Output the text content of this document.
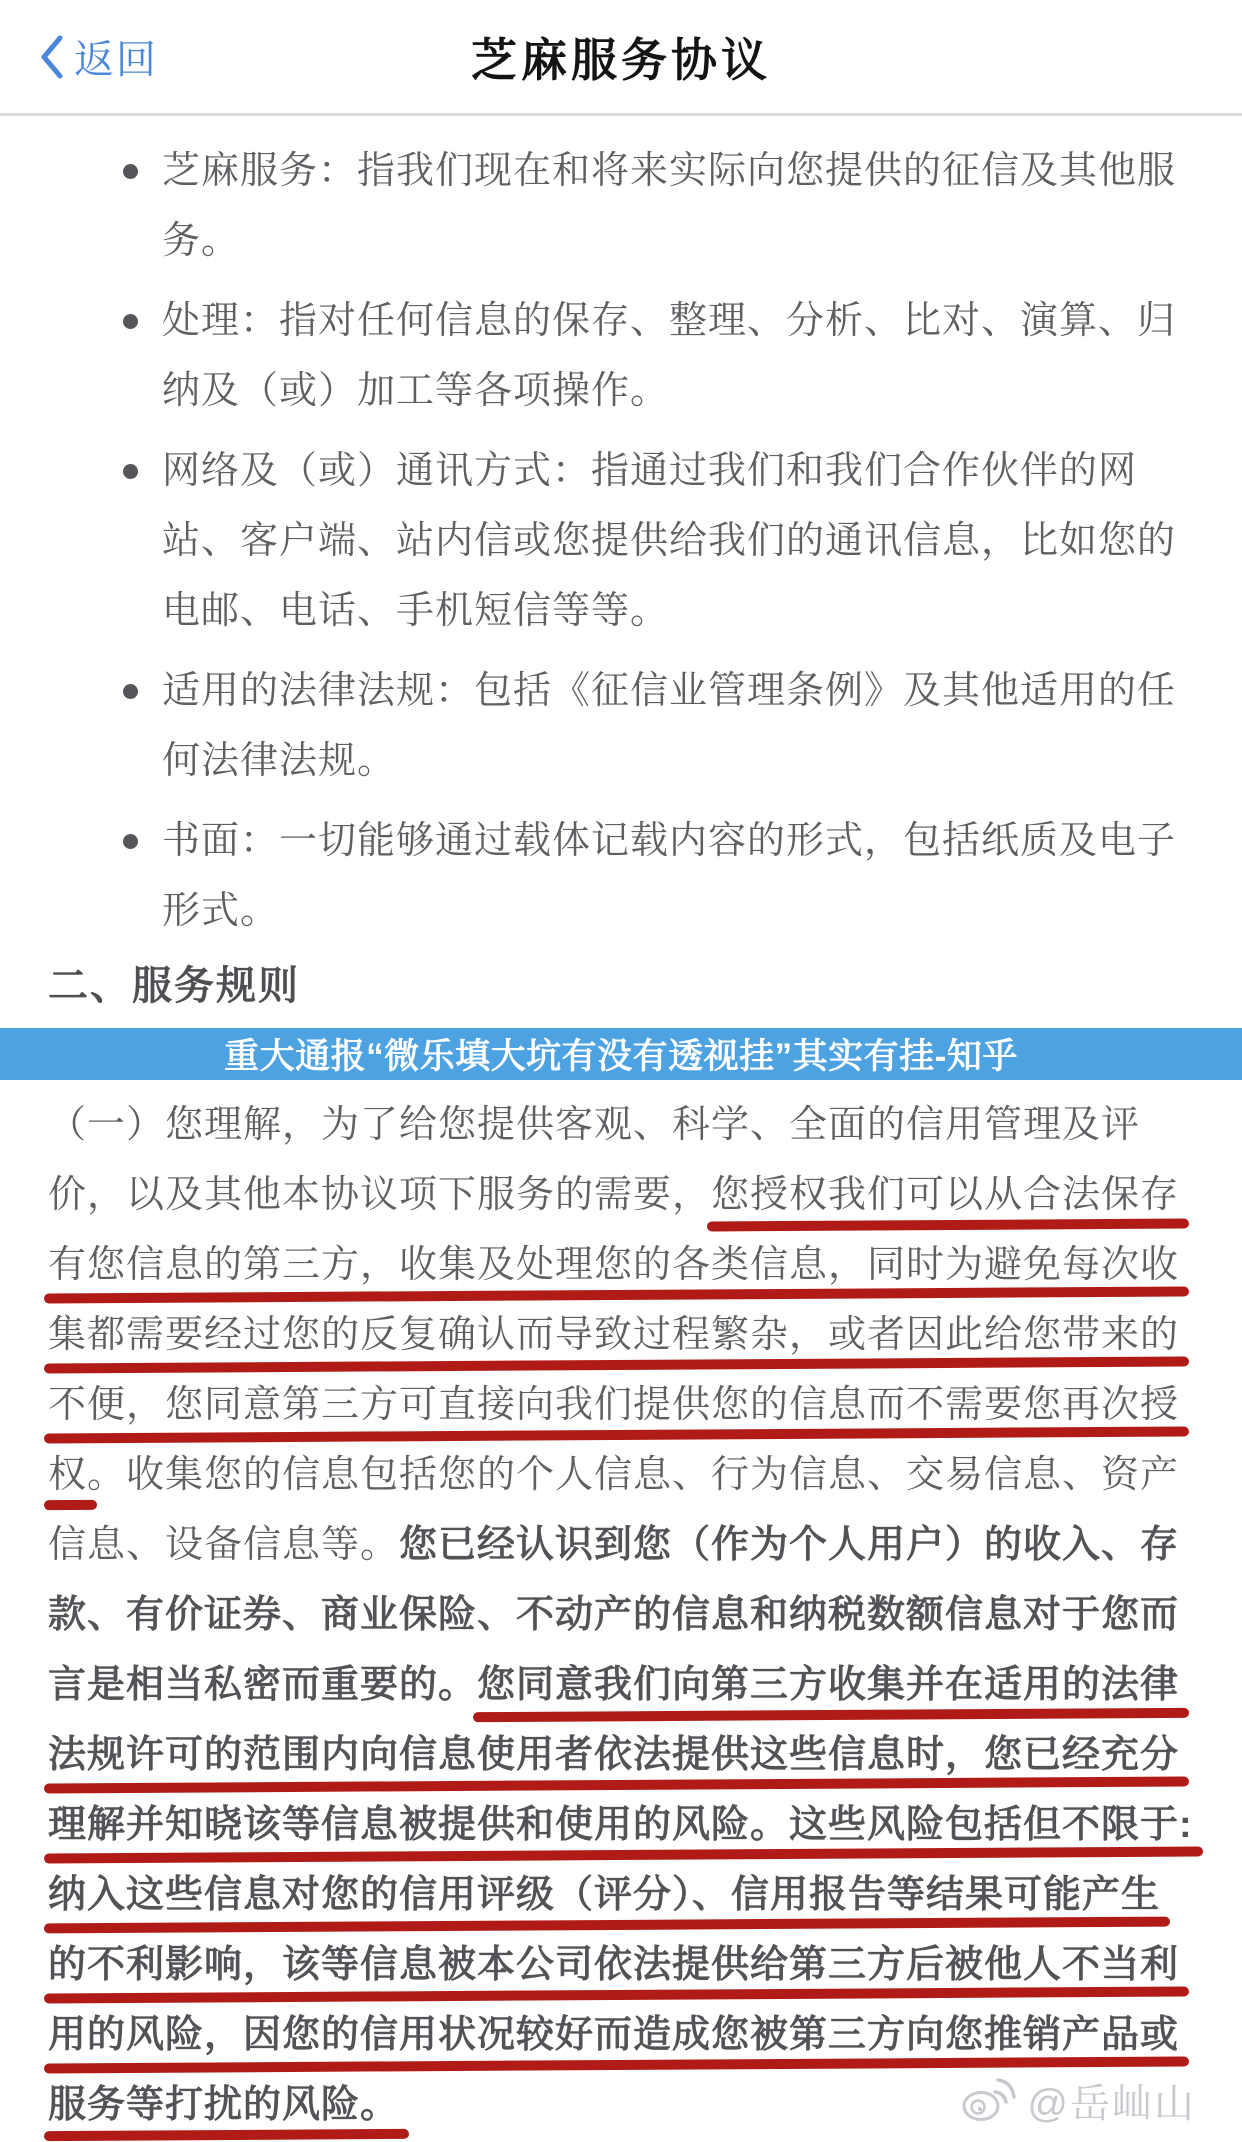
返回	芝麻服务协议
芝麻服务：指我们现在和将来实际向您提供的征信及其他服
务。
处理：指对任何信息的保存、整理、分析、比对、演算、归
纳及（或）加工等各项操作。
网络及（或）通讯方式：指通过我们和我们合作伙伴的网
站、客户端、站内信或您提供给我们的通讯信息，比如您的
电邮、电话、手机短信等等。
适用的法律法规：包括《征信业管理条例》及其他适用的任
何法律法规。
书面：一切能够通过载体记载内容的形式，包括纸质及电子
形式。
二、服务规则
重大通报“微乐填大坑有没有透视挂”其实有挂-知乎
（一）您理解，为了给您提供客观、科学、全面的信用管理及评
价，以及其他本协议项下服务的需要，您授权我们可以从合法保存
有您信息的第三方，收集及处理您的各类信息，同时为避免每次收
集都需要经过您的反复确认而导致过程繁杂，或者因此给您带来的
不便，您同意第三方可直接向我们提供您的信息而不需要您再次授
权。收集您的信息包括您的个人信息、行为信息、交易信息、资产
信息、设备信息等。您已经认识到您（作为个人用户）的收入、存
款、有价证券、商业保险、不动产的信息和纳税数额信息对于您而
言是相当私密而重要的。您同意我们向第三方收集并在适用的法律
法规许可的范围内向信息使用者依法提供这些信息时，您已经充分
理解并知晓该等信息被提供和使用的风险。这些风险包括但不限于:
纳入这些信息对您的信用评级（评分）、信用报告等结果可能产生
的不利影响，该等信息被本公司依法提供给第三方后被他人不当利
用的风险，因您的信用状况较好而造成您被第三方向您推销产品或
服务等打扰的风险。	@岳屾山
